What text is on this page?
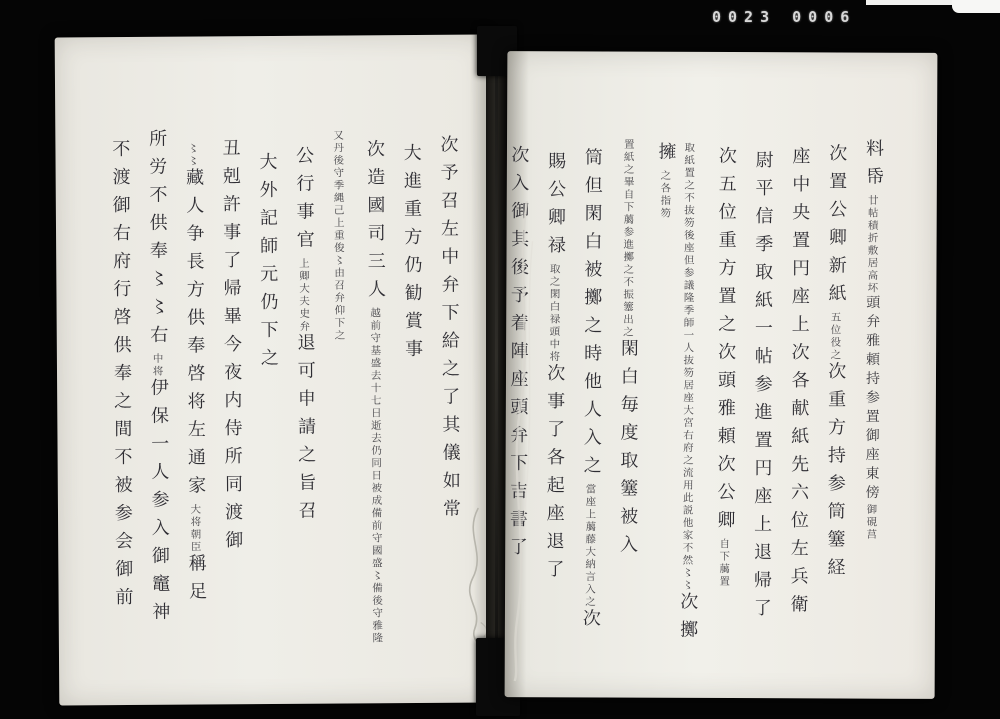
0023 0006
次予召左中弁下給之了其儀如常
大進重方仍勧賞事
次造國司三人越前守基盛去十七日逝去仍同日被成備前守國盛〻備後守雅隆
又丹後守季縄己上重俊〻由召弁仰下之
公行事官上卿大夫史弁退可申請之旨召
大外記師元仍下之
丑剋許事了帰畢今夜内侍所同渡御
〻〻藏人争長方供奉啓将左通家大将朝臣稱足
所労不供奉〻〻右中将伊保一人参入御竈神
不渡御右府行啓供奉之間不被参会御前	料帋廿帖積折敷居高坏頭弁雅頼持参置御座東傍御硯莒
次置公卿新紙五位役之次重方持参筒簺経
座中央置円座上次各献紙先六位左兵衛
尉平信季取紙一帖参進置円座上退帰了
次五位重方置之次頭雅頼次公卿自下﨟置
取紙置之不抜笏後座但参議隆季師一人抜笏居座大宮右府之流用此説他家不然〻〻次擲擁之各指笏
置紙之畢自下﨟参進擲之不振簺出之閑白毎度取簺被入
筒但閑白被擲之時他人入之當座上﨟藤大納言入之次
賜公卿禄取之閑白禄頭中将次事了各起座退了
次入御其後予着陣座頭弁下吉書了
